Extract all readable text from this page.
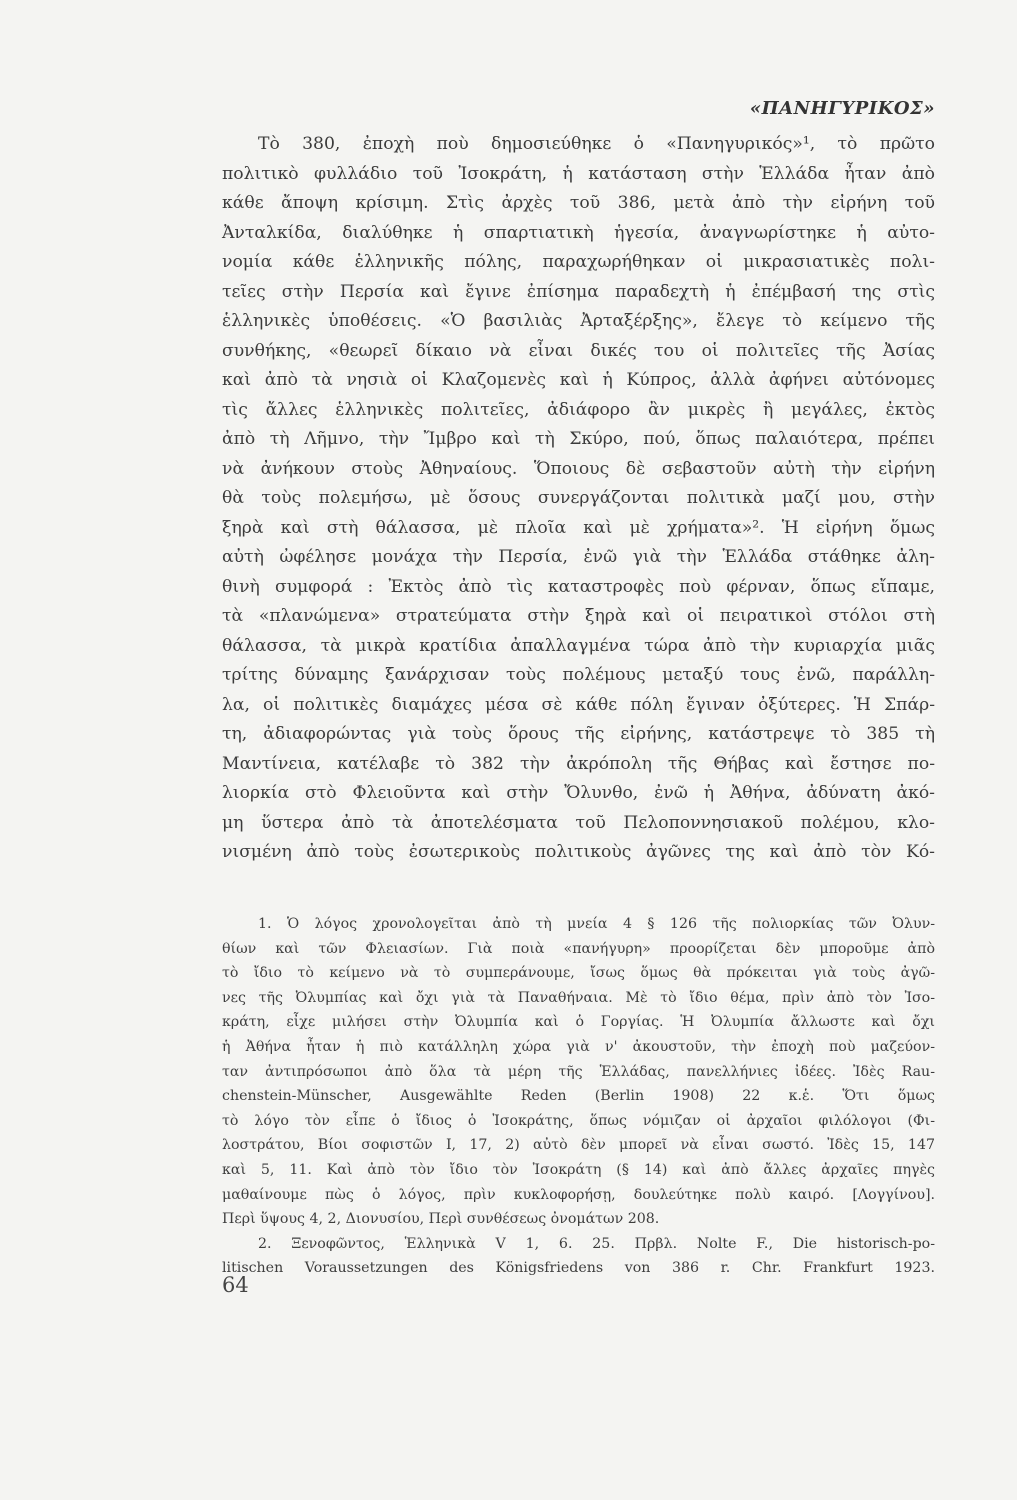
«ΠΑΝΗΓΥΡΙΚΟΣ»
Τὸ 380, ἐποχὴ ποὺ δημοσιεύθηκε ὁ «Πανηγυρικός»¹, τὸ πρῶτο
πολιτικὸ φυλλάδιο τοῦ Ἰσοκράτη, ἡ κατάσταση στὴν Ἑλλάδα ἦταν ἀπὸ
κάθε ἄποψη κρίσιμη. Στὶς ἀρχὲς τοῦ 386, μετὰ ἀπὸ τὴν εἰρήνη τοῦ
Ἀνταλκίδα, διαλύθηκε ἡ σπαρτιατικὴ ἡγεσία, ἀναγνωρίστηκε ἡ αὐτο-
νομία κάθε ἑλληνικῆς πόλης, παραχωρήθηκαν οἱ μικρασιατικὲς πολι-
τεῖες στὴν Περσία καὶ ἔγινε ἐπίσημα παραδεχτὴ ἡ ἐπέμβασή της στὶς
ἑλληνικὲς ὑποθέσεις. «Ὁ βασιλιὰς Ἀρταξέρξης», ἔλεγε τὸ κείμενο τῆς
συνθήκης, «θεωρεῖ δίκαιο νὰ εἶναι δικές του οἱ πολιτεῖες τῆς Ἀσίας
καὶ ἀπὸ τὰ νησιὰ οἱ Κλαζομενὲς καὶ ἡ Κύπρος, ἀλλὰ ἀφήνει αὐτόνομες
τὶς ἄλλες ἑλληνικὲς πολιτεῖες, ἀδιάφορο ἂν μικρὲς ἢ μεγάλες, ἐκτὸς
ἀπὸ τὴ Λῆμνο, τὴν Ἴμβρο καὶ τὴ Σκύρο, πού, ὅπως παλαιότερα, πρέπει
νὰ ἀνήκουν στοὺς Ἀθηναίους. Ὅποιους δὲ σεβαστοῦν αὐτὴ τὴν εἰρήνη
θὰ τοὺς πολεμήσω, μὲ ὅσους συνεργάζονται πολιτικὰ μαζί μου, στὴν
ξηρὰ καὶ στὴ θάλασσα, μὲ πλοῖα καὶ μὲ χρήματα»². Ἡ εἰρήνη ὅμως
αὐτὴ ὠφέλησε μονάχα τὴν Περσία, ἐνῶ γιὰ τὴν Ἑλλάδα στάθηκε ἀλη-
θινὴ συμφορά : Ἐκτὸς ἀπὸ τὶς καταστροφὲς ποὺ φέρναν, ὅπως εἴπαμε,
τὰ «πλανώμενα» στρατεύματα στὴν ξηρὰ καὶ οἱ πειρατικοὶ στόλοι στὴ
θάλασσα, τὰ μικρὰ κρατίδια ἀπαλλαγμένα τώρα ἀπὸ τὴν κυριαρχία μιᾶς
τρίτης δύναμης ξανάρχισαν τοὺς πολέμους μεταξύ τους ἐνῶ, παράλλη-
λα, οἱ πολιτικὲς διαμάχες μέσα σὲ κάθε πόλη ἔγιναν ὀξύτερες. Ἡ Σπάρ-
τη, ἀδιαφορώντας γιὰ τοὺς ὅρους τῆς εἰρήνης, κατάστρεψε τὸ 385 τὴ
Μαντίνεια, κατέλαβε τὸ 382 τὴν ἀκρόπολη τῆς Θήβας καὶ ἔστησε πο-
λιορκία στὸ Φλειοῦντα καὶ στὴν Ὄλυνθο, ἐνῶ ἡ Ἀθήνα, ἀδύνατη ἀκό-
μη ὕστερα ἀπὸ τὰ ἀποτελέσματα τοῦ Πελοποννησιακοῦ πολέμου, κλο-
νισμένη ἀπὸ τοὺς ἐσωτερικοὺς πολιτικοὺς ἀγῶνες της καὶ ἀπὸ τὸν Κό-
1. Ὁ λόγος χρονολογεῖται ἀπὸ τὴ μνεία 4 § 126 τῆς πολιορκίας τῶν Ὀλυν-
θίων καὶ τῶν Φλειασίων. Γιὰ ποιὰ «πανήγυρη» προορίζεται δὲν μποροῦμε ἀπὸ
τὸ ἴδιο τὸ κείμενο νὰ τὸ συμπεράνουμε, ἴσως ὅμως θὰ πρόκειται γιὰ τοὺς ἀγῶ-
νες τῆς Ὀλυμπίας καὶ ὄχι γιὰ τὰ Παναθήναια. Μὲ τὸ ἴδιο θέμα, πρὶν ἀπὸ τὸν Ἰσο-
κράτη, εἶχε μιλήσει στὴν Ὀλυμπία καὶ ὁ Γοργίας. Ἡ Ὀλυμπία ἄλλωστε καὶ ὄχι
ἡ Ἀθήνα ἦταν ἡ πιὸ κατάλληλη χώρα γιὰ ν' ἀκουστοῦν, τὴν ἐποχὴ ποὺ μαζεύον-
ταν ἀντιπρόσωποι ἀπὸ ὅλα τὰ μέρη τῆς Ἑλλάδας, πανελλήνιες ἰδέες. Ἰδὲς Rau-
chenstein-Münscher, Ausgewählte Reden (Berlin 1908) 22 κ.ἑ. Ὅτι ὅμως
τὸ λόγο τὸν εἶπε ὁ ἴδιος ὁ Ἰσοκράτης, ὅπως νόμιζαν οἱ ἀρχαῖοι φιλόλογοι (Φι-
λοστράτου, Βίοι σοφιστῶν I, 17, 2) αὐτὸ δὲν μπορεῖ νὰ εἶναι σωστό. Ἰδὲς 15, 147
καὶ 5, 11. Καὶ ἀπὸ τὸν ἴδιο τὸν Ἰσοκράτη (§ 14) καὶ ἀπὸ ἄλλες ἀρχαῖες πηγὲς
μαθαίνουμε πὼς ὁ λόγος, πρὶν κυκλοφορήσῃ, δουλεύτηκε πολὺ καιρό. [Λογγίνου].
Περὶ ὕψους 4, 2, Διονυσίου, Περὶ συνθέσεως ὀνομάτων 208.
2. Ξενοφῶντος, Ἑλληνικὰ V 1, 6. 25. Πρβλ. Nolte F., Die historisch-po-
litischen Voraussetzungen des Königsfriedens von 386 r. Chr. Frankfurt 1923.
64
